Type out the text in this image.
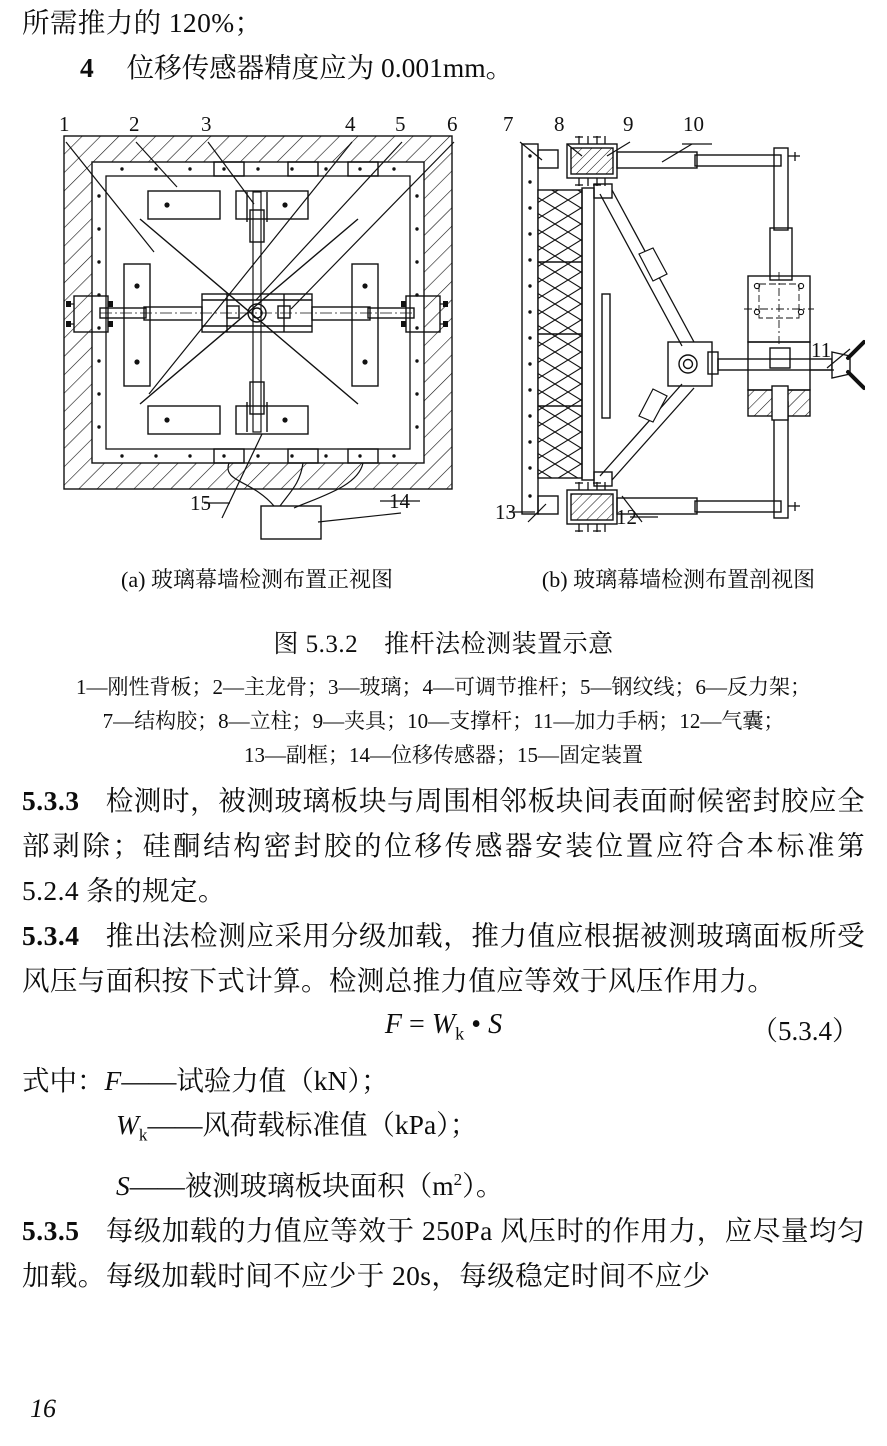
所需推力的 120%；

4 位移传感器精度应为 0.001mm。

1	2	3	4 5 6
15	14
7 8	9 10
11
13	12
(a) 玻璃幕墙检测布置正视图	(b) 玻璃幕墙检测布置剖视图
图 5.3.2 推杆法检测装置示意
1—刚性背板；2—主龙骨；3—玻璃；4—可调节推杆；5—钢纹线；6—反力架；
7—结构胶；8—立柱；9—夹具；10—支撑杆；11—加力手柄；12—气囊；
13—副框；14—位移传感器；15—固定装置

5.3.3 检测时，被测玻璃板块与周围相邻板块间表面耐候密封胶应全部剥除；硅酮结构密封胶的位移传感器安装位置应符合本标准第 5.2.4 条的规定。

5.3.4 推出法检测应采用分级加载，推力值应根据被测玻璃面板所受风压与面积按下式计算。检测总推力值应等效于风压作用力。

$F = W_k$ • S	（5.3.4）

式中：F——试验力值（kN）；

$W_k——$风荷载标准值（kPa）；

S——被测玻璃板块面积$(m^2)$。

5.3.5 每级加载的力值应等效于 250Pa 风压时的作用力，应尽量均匀加载。每级加载时间不应少于 20s，每级稳定时间不应少

16
